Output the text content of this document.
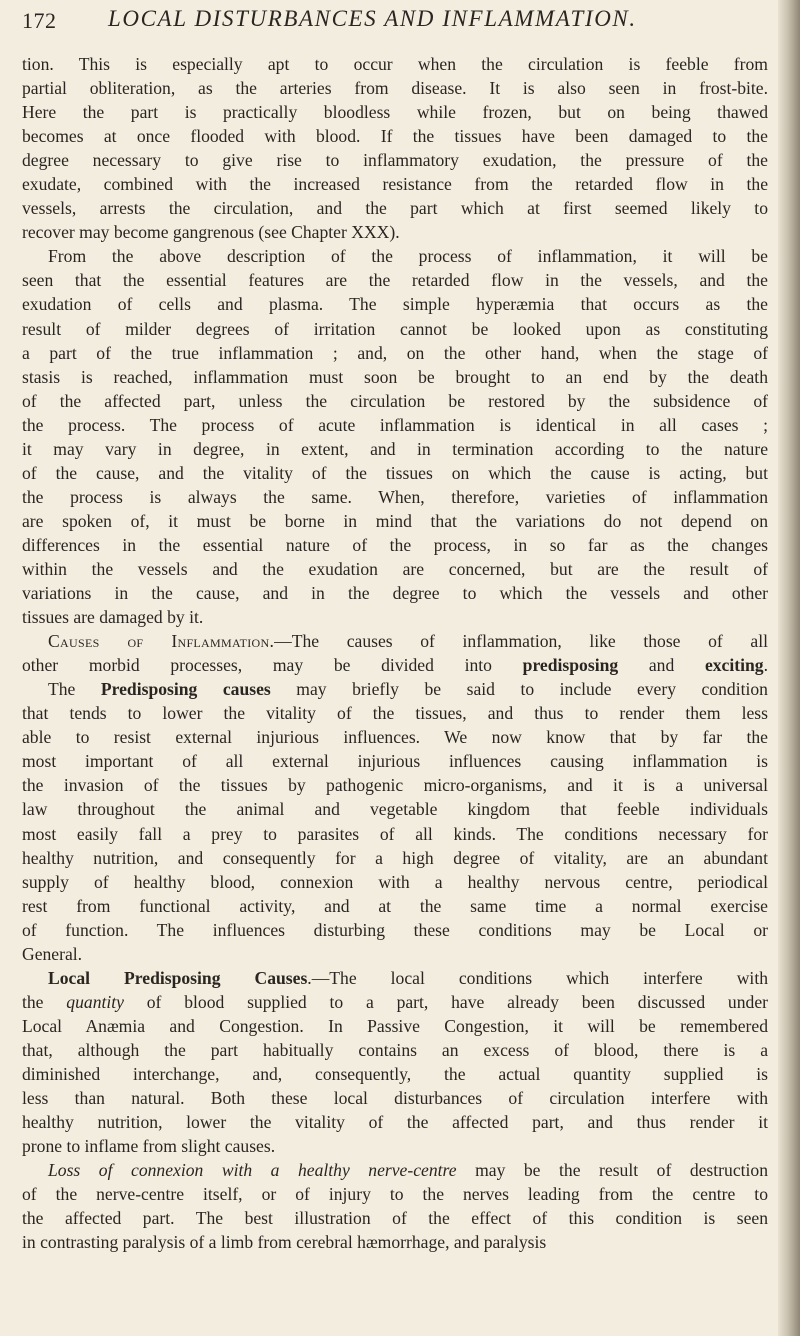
172 LOCAL DISTURBANCES AND INFLAMMATION.
tion. This is especially apt to occur when the circulation is feeble from
partial obliteration, as the arteries from disease. It is also seen in frost-bite.
Here the part is practically bloodless while frozen, but on being thawed
becomes at once flooded with blood. If the tissues have been damaged to the
degree necessary to give rise to inflammatory exudation, the pressure of the
exudate, combined with the increased resistance from the retarded flow in the
vessels, arrests the circulation, and the part which at first seemed likely to
recover may become gangrenous (see Chapter XXX).
From the above description of the process of inflammation, it will be
seen that the essential features are the retarded flow in the vessels, and the
exudation of cells and plasma. The simple hyperæmia that occurs as the
result of milder degrees of irritation cannot be looked upon as constituting
a part of the true inflammation ; and, on the other hand, when the stage of
stasis is reached, inflammation must soon be brought to an end by the death
of the affected part, unless the circulation be restored by the subsidence of
the process. The process of acute inflammation is identical in all cases ;
it may vary in degree, in extent, and in termination according to the nature
of the cause, and the vitality of the tissues on which the cause is acting, but
the process is always the same. When, therefore, varieties of inflammation
are spoken of, it must be borne in mind that the variations do not depend on
differences in the essential nature of the process, in so far as the changes
within the vessels and the exudation are concerned, but are the result of
variations in the cause, and in the degree to which the vessels and other
tissues are damaged by it.
Causes of Inflammation.—The causes of inflammation, like those of all
other morbid processes, may be divided into predisposing and exciting.
The Predisposing causes may briefly be said to include every condition
that tends to lower the vitality of the tissues, and thus to render them less
able to resist external injurious influences. We now know that by far the
most important of all external injurious influences causing inflammation is
the invasion of the tissues by pathogenic micro-organisms, and it is a universal
law throughout the animal and vegetable kingdom that feeble individuals
most easily fall a prey to parasites of all kinds. The conditions necessary for
healthy nutrition, and consequently for a high degree of vitality, are an abundant
supply of healthy blood, connexion with a healthy nervous centre, periodical
rest from functional activity, and at the same time a normal exercise
of function. The influences disturbing these conditions may be Local or
General.
Local Predisposing Causes.—The local conditions which interfere with
the quantity of blood supplied to a part, have already been discussed under
Local Anæmia and Congestion. In Passive Congestion, it will be remembered
that, although the part habitually contains an excess of blood, there is a
diminished interchange, and, consequently, the actual quantity supplied is
less than natural. Both these local disturbances of circulation interfere with
healthy nutrition, lower the vitality of the affected part, and thus render it
prone to inflame from slight causes.
Loss of connexion with a healthy nerve-centre may be the result of destruction
of the nerve-centre itself, or of injury to the nerves leading from the centre to
the affected part. The best illustration of the effect of this condition is seen
in contrasting paralysis of a limb from cerebral hæmorrhage, and paralysis
